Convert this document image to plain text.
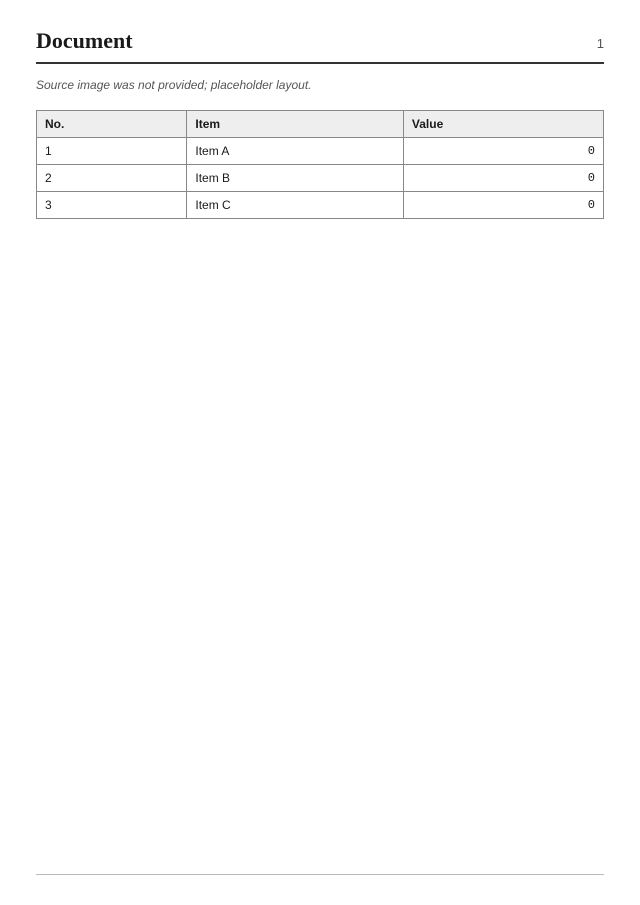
Document	1
Source image was not provided; placeholder layout.
No.	Item	Value
1	Item A	0
2	Item B	0
3	Item C	0
